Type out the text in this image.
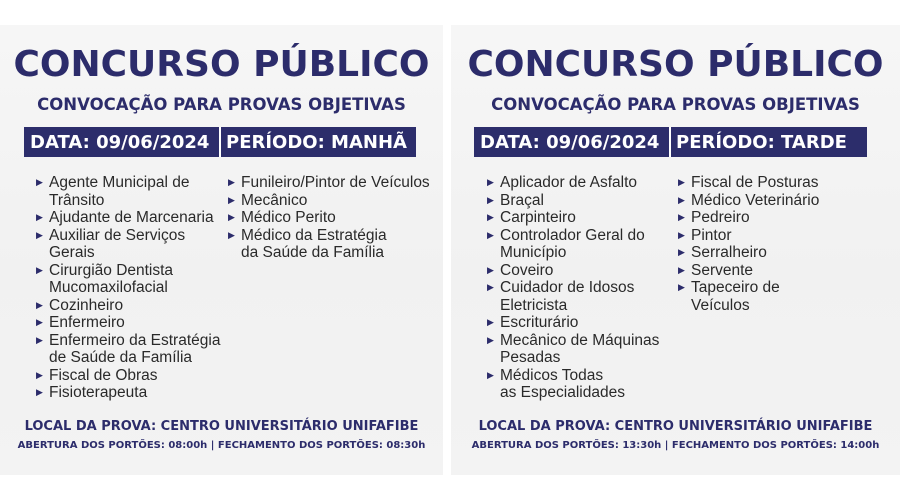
CONCURSO PÚBLICO
CONVOCAÇÃO PARA PROVAS OBJETIVAS
DATA: 09/06/2024 PERÍODO: MANHÃ
▶ Agente Municipal de
Trânsito
▶ Ajudante de Marcenaria
▶ Auxiliar de Serviços
Gerais
▶ Cirurgião Dentista
Mucomaxilofacial
▶ Cozinheiro
▶ Enfermeiro
▶ Enfermeiro da Estratégia
de Saúde da Família
▶ Fiscal de Obras
▶ Fisioterapeuta
▶ Funileiro/Pintor de Veículos
▶ Mecânico
▶ Médico Perito
▶ Médico da Estratégia
da Saúde da Família
LOCAL DA PROVA: CENTRO UNIVERSITÁRIO UNIFAFIBE
ABERTURA DOS PORTÕES: 08:00h | FECHAMENTO DOS PORTÕES: 08:30h
CONCURSO PÚBLICO
CONVOCAÇÃO PARA PROVAS OBJETIVAS
DATA: 09/06/2024 PERÍODO: TARDE
▶ Aplicador de Asfalto
▶ Braçal
▶ Carpinteiro
▶ Controlador Geral do
Município
▶ Coveiro
▶ Cuidador de Idosos
Eletricista
▶ Escriturário
▶ Mecânico de Máquinas
Pesadas
▶ Médicos Todas
as Especialidades
▶ Fiscal de Posturas
▶ Médico Veterinário
▶ Pedreiro
▶ Pintor
▶ Serralheiro
▶ Servente
▶ Tapeceiro de
Veículos
LOCAL DA PROVA: CENTRO UNIVERSITÁRIO UNIFAFIBE
ABERTURA DOS PORTÕES: 13:30h | FECHAMENTO DOS PORTÕES: 14:00h
